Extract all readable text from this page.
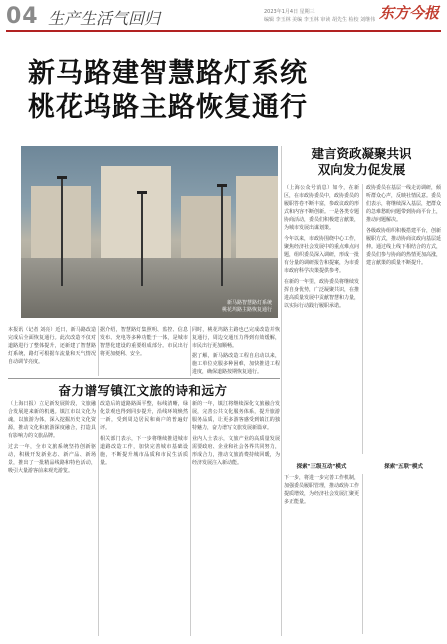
04 生产生活气回归	2023年1月4日 星期三
编辑 李玉林 美编 李玉林 审读 胡先生 检校 刘继伟 东方今报
新马路建智慧路灯系统
桃花坞路主路恢复通行
新马路智慧路灯系统
桃花坞路主路恢复通行
建言资政凝聚共识
双向发力促发展

（上海公众号消息）如今，在新区，在市政协委员中，政协委员的履职答卷不断丰富，参政议政的形式和内容不断创新。一是各类专题协商活动，委员们积极建言献策，为城市发展出谋划策。

今年以来，市政协围绕中心工作，聚焦经济社会发展中的重点难点问题，组织委员深入调研，形成一批有分量的调研报告和提案，为市委市政府科学决策提供参考。

在新的一年里，政协委员将继续发挥自身优势，广泛凝聚共识，在推进高质量发展中贡献智慧和力量，以实际行动践行履职承诺。

政协委员在基层一线走访调研，倾听群众心声，反映社情民意。委员们表示，将继续深入基层，把群众的急难愁盼问题带到协商平台上，推动问题解决。

各级政协组织积极搭建平台，创新履职方式，推动协商议政向基层延伸。通过线上线下相结合的方式，委员们参与协商的热情更加高涨，建言献策的质量不断提升。

探索"三级互动"模式

下一步，将进一步完善工作机制，加强委员履职管理，推动政协工作提质增效，为经济社会发展汇聚更多正能量。

探索"五联"模式

本报讯（记者 刘亮）近日，新马路改造完成后全面恢复通行。此次改造不仅对道路进行了整体提升，还新建了智慧路灯系统，路灯可根据车流量和天气情况自动调节亮度。

据介绍，智慧路灯集照明、监控、信息发布、充电等多种功能于一体，是城市智慧化建设的重要组成部分。市民出行将更加便利、安全。

同时，桃花坞路主路也已完成改造并恢复通行，周边交通压力得到有效缓解，市民出行更加顺畅。

据了解，新马路改造工程自启动以来，施工单位克服多种困难，加快推进工程进度，确保道路按期恢复通行。

奋力谱写镇江文旅的诗和远方

（上海日报）立足新发展阶段，文旅融合发展迎来新的机遇。镇江市以文化为魂，以旅游为体，深入挖掘历史文化资源，推动文化和旅游深度融合，打造具有影响力的文旅品牌。

过去一年，全市文旅系统坚持创新驱动，积极开发新业态、新产品、新场景，推出了一批精品线路和特色活动，吸引大量游客前来观光游览。

改造后的道路路面平整，标线清晰，绿化景观也得到同步提升，沿线环境焕然一新，受到周边居民和商户的普遍好评。

相关部门表示，下一步将继续推进城市道路改造工作，加快完善城市基础设施，不断提升城市品质和市民生活质量。

新的一年，镇江将继续深化文旅融合发展，完善公共文化服务体系，提升旅游服务品质，让更多游客感受到镇江的独特魅力，奋力谱写文旅发展新篇章。

业内人士表示，文旅产业的高质量发展需要政府、企业和社会各界共同努力，形成合力，推动文旅消费持续回暖，为经济发展注入新动能。
